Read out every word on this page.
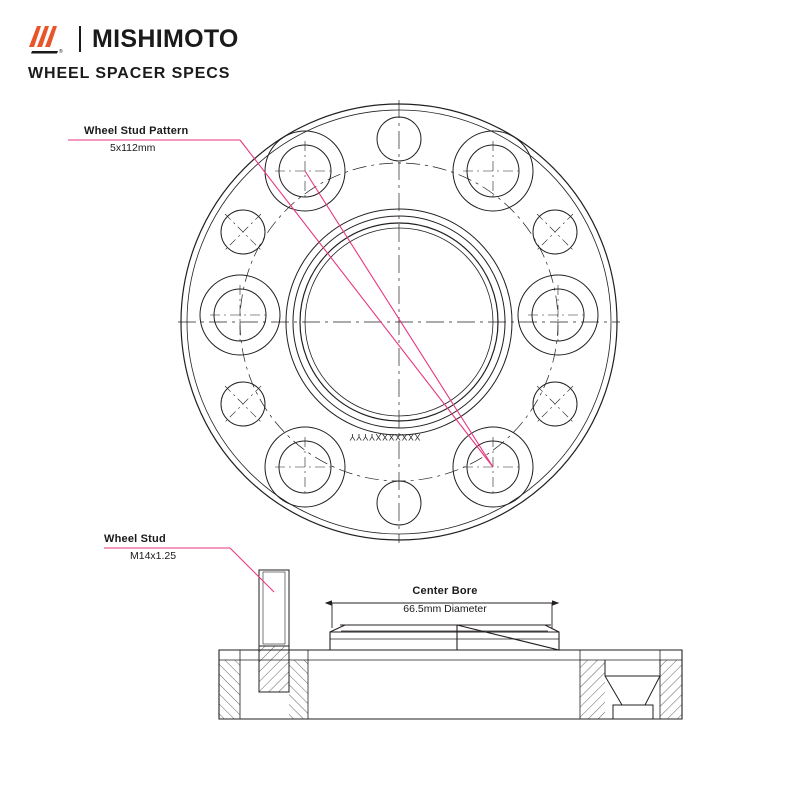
® MISHIMOTO
WHEEL SPACER SPECS
Wheel Stud Pattern
5x112mm
Wheel Stud
M14x1.25
Center Bore
66.5mm Diameter
XXXXXXXYYYY
